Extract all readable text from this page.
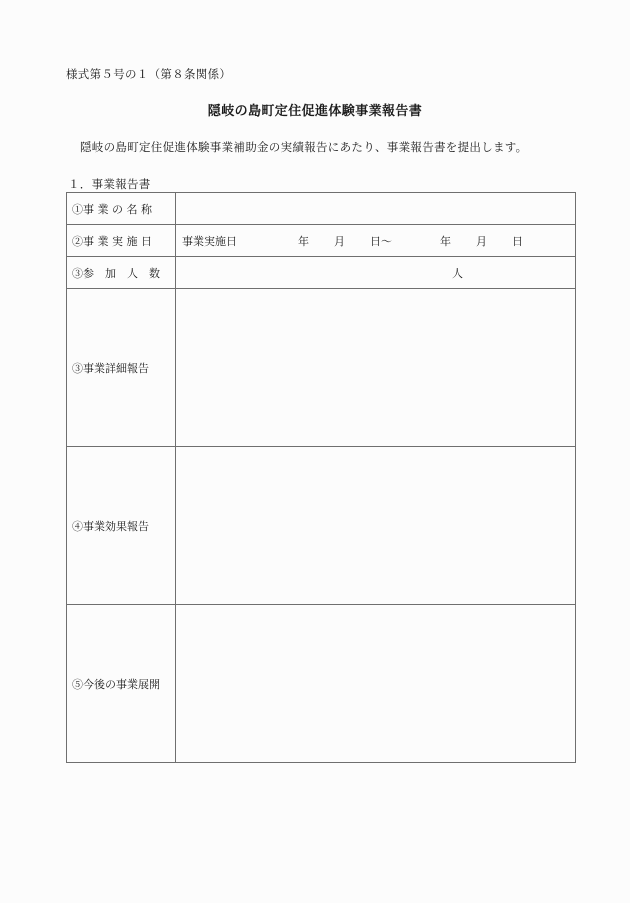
様式第５号の１（第８条関係）
隠岐の島町定住促進体験事業報告書
隠岐の島町定住促進体験事業補助金の実績報告にあたり、事業報告書を提出します。
１．事業報告書
①事 業 の 名 称	
②事 業 実 施 日	事業実施日	年 月 日～	年 月 日

③参　加　人　数	人

③事業詳細報告	
④事業効果報告	
⑤今後の事業展開	
